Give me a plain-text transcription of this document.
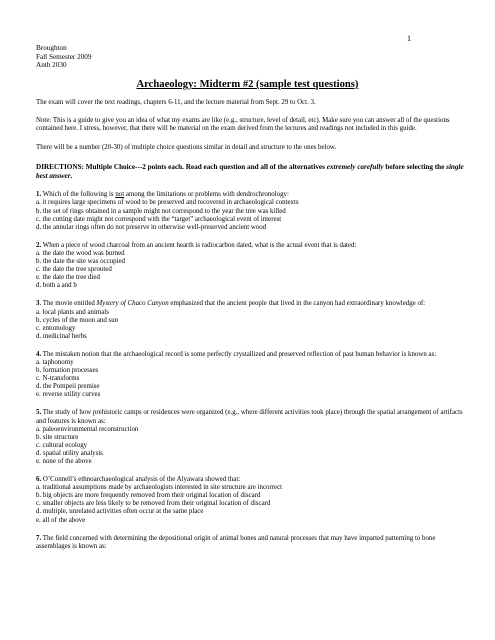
1
Broughton
Fall Semester 2009
Anth 2030
Archaeology: Midterm #2 (sample test questions)

The exam will cover the text readings, chapters 6-11, and the lecture material from Sept. 29 to Oct. 3.

Note: This is a guide to give you an idea of what my exams are like (e.g., structure, level of detail, etc). Make sure you can answer all of the questions contained here. I stress, however, that there will be material on the exam derived from the lectures and readings not included in this guide.

There will be a number (20-30) of multiple choice questions similar in detail and structure to the ones below.

DIRECTIONS: Multiple Choice---2 points each. Read each question and all of the alternatives extremely carefully before selecting the single best answer.

1. Which of the following is not among the limitations or problems with dendrochronology:
a. it requires large specimens of wood to be preserved and recovered in archaeological contexts
b. the set of rings obtained in a sample might not correspond to the year the tree was killed
c. the cutting date might not correspond with the “target” archaeological event of interest
d. the annular rings often do not preserve in otherwise well-preserved ancient wood
2. When a piece of wood charcoal from an ancient hearth is radiocarbon dated, what is the actual event that is dated:
a. the date the wood was burned
b. the date the site was occupied
c. the date the tree sprouted
e. the date the tree died
d. both a and b
3. The movie entitled Mystery of Chaco Canyon emphasized that the ancient people that lived in the canyon had extraordinary knowledge of:
a. local plants and animals
b. cycles of the moon and sun
c. entomology
d. medicinal herbs
4. The mistaken notion that the archaeological record is some perfectly crystallized and preserved reflection of past human behavior is known as:
a. taphonomy
b. formation processes
c. N-transforms
d. the Pompeii premise
e. reverse utility curves
5. The study of how prehistoric camps or residences were organized (e.g., where different activities took place) through the spatial arrangement of artifacts and features is known as:
a. paleoenvironmental reconstruction
b. site structure
c. cultural ecology
d. spatial utility analysis
e. none of the above
6. O’Connell’s ethnoarchaeological analysis of the Alyawara showed that:
a. traditional assumptions made by archaeologists interested in site structure are incorrect
b. big objects are more frequently removed from their original location of discard
c. smaller objects are less likely to be removed from their original location of discard
d. multiple, unrelated activities often occur at the same place
e. all of the above
7. The field concerned with determining the depositional origin of animal bones and natural processes that may have imparted patterning to bone assemblages is known as:
